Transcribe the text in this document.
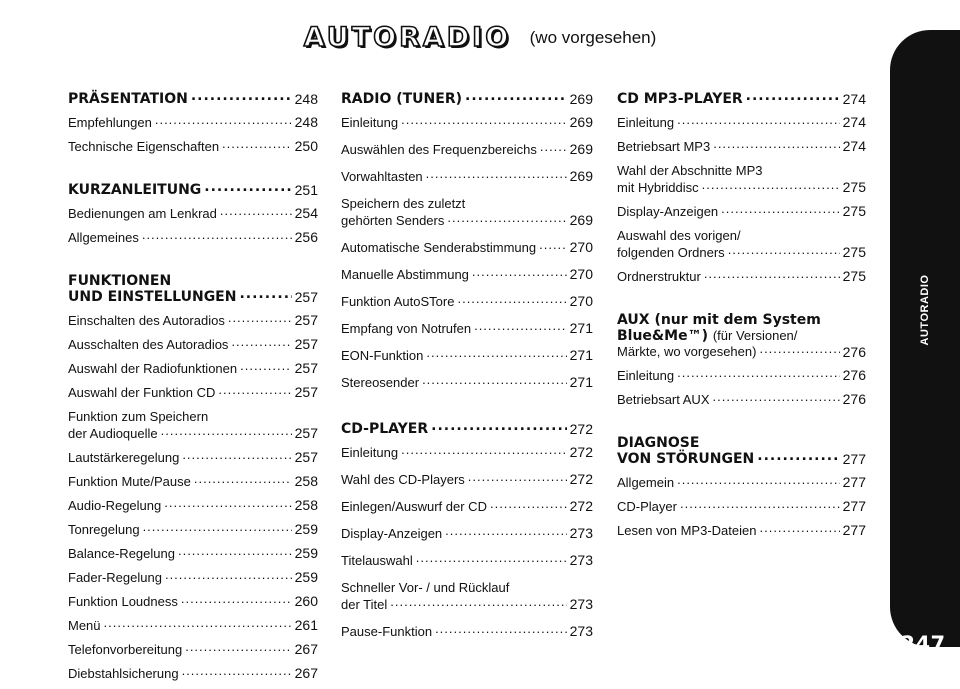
AUTORADIO (wo vorgesehen)
PRÄSENTATION .....	248
Empfehlungen .....	248
Technische Eigenschaften .....	250
KURZANLEITUNG .....	251
Bedienungen am Lenkrad .....	254
Allgemeines .....	256
FUNKTIONEN
UND EINSTELLUNGEN .....	257
Einschalten des Autoradios .....	257
Ausschalten des Autoradios .....	257
Auswahl der Radiofunktionen .....	257
Auswahl der Funktion CD .....	257
Funktion zum Speichern
der Audioquelle .....	257
Lautstärkeregelung .....	257
Funktion Mute/Pause .....	258
Audio-Regelung .....	258
Tonregelung .....	259
Balance-Regelung .....	259
Fader-Regelung .....	259
Funktion Loudness .....	260
Menü .....	261
Telefonvorbereitung .....	267
Diebstahlsicherung .....	267
RADIO (TUNER) .....	269
Einleitung .....	269
Auswählen des Frequenzbereichs ..... 269
Vorwahltasten .....	269
Speichern des zuletzt
gehörten Senders .....	269
Automatische Senderabstimmung ..... 270
Manuelle Abstimmung .....	270
Funktion AutoSTore .....	270
Empfang von Notrufen .....	271
EON-Funktion .....	271
Stereosender .....	271
CD-PLAYER .....	272
Einleitung .....	272
Wahl des CD-Players .....	272
Einlegen/Auswurf der CD .....	272
Display-Anzeigen .....	273
Titelauswahl .....	273
Schneller Vor- / und Rücklauf
der Titel .....	273
Pause-Funktion .....	273
CD MP3-PLAYER .....	274
Einleitung .....	274
Betriebsart MP3 .....	274
Wahl der Abschnitte MP3
mit Hybriddisc .....	275
Display-Anzeigen .....	275
Auswahl des vorigen/
folgenden Ordners .....	275
Ordnerstruktur .....	275
AUX (nur mit dem System
Blue&Me™) (für Versionen/
Märkte, wo vorgesehen) .....	276
Einleitung .....	276
Betriebsart AUX .....	276
DIAGNOSE
VON STÖRUNGEN .....	277
Allgemein .....	277
CD-Player .....	277
Lesen von MP3-Dateien .....	277
AUTORADIO
247
